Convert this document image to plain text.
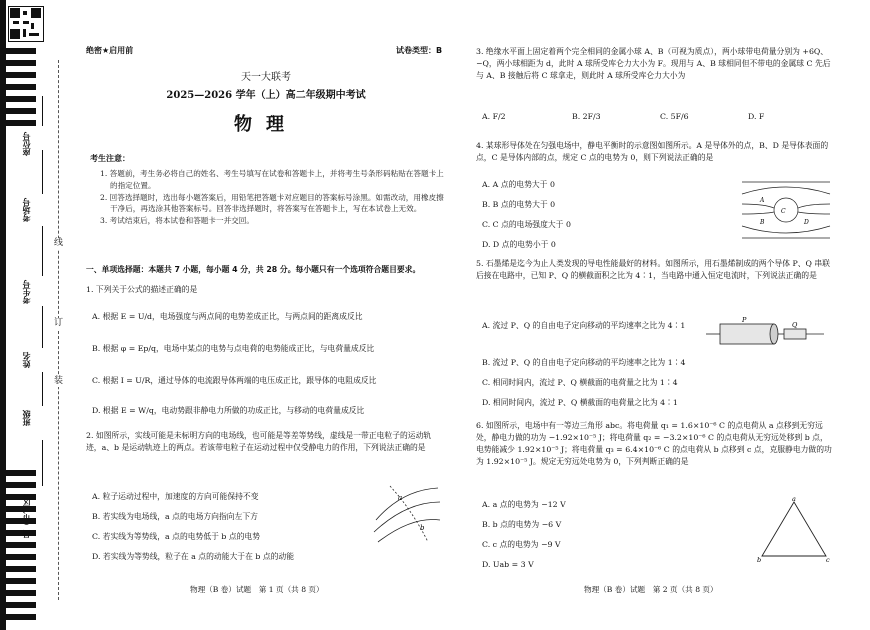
座位号
考场号
考生号
姓名
班级
县（市、区）
线
订
装
绝密★启用前	试卷类型：B
天一大联考
2025—2026 学年（上）高二年级期中考试
物理
考生注意：
1. 答题前，考生务必将自己的姓名、考生号填写在试卷和答题卡上，并将考生号条形码粘贴在答题卡上的指定位置。
2. 回答选择题时，选出每小题答案后，用铅笔把答题卡对应题目的答案标号涂黑。如需改动，用橡皮擦干净后，再选涂其他答案标号。回答非选择题时，将答案写在答题卡上，写在本试卷上无效。
3. 考试结束后，将本试卷和答题卡一并交回。
一、单项选择题：本题共 7 小题，每小题 4 分，共 28 分。每小题只有一个选项符合题目要求。
1. 下列关于公式的描述正确的是
A. 根据 E = U/d，电场强度与两点间的电势差成正比，与两点间的距离成反比
B. 根据 φ = Ep/q，电场中某点的电势与点电荷的电势能成正比，与电荷量成反比
C. 根据 I = U/R，通过导体的电流跟导体两端的电压成正比，跟导体的电阻成反比
D. 根据 E = W/q，电动势跟非静电力所做的功成正比，与移动的电荷量成反比
2. 如图所示，实线可能是未标明方向的电场线，也可能是等差等势线，虚线是一带正电粒子的运动轨迹，a、b 是运动轨迹上的两点。若该带电粒子在运动过程中仅受静电力的作用，下列说法正确的是
A. 粒子运动过程中，加速度的方向可能保持不变
B. 若实线为电场线，a 点的电场方向指向左下方
C. 若实线为等势线，a 点的电势低于 b 点的电势
D. 若实线为等势线，粒子在 a 点的动能大于在 b 点的动能
a
b
物理（B 卷）试题　第 1 页（共 8 页）
3. 绝缘水平面上固定着两个完全相同的金属小球 A、B（可视为质点），两小球带电荷量分别为 +6Q、−Q，两小球相距为 d，此时 A 球所受库仑力大小为 F。现用与 A、B 球相同但不带电的金属球 C 先后与 A、B 接触后将 C 球拿走，则此时 A 球所受库仑力大小为
A. F/2	B. 2F/3	C. 5F/6	D. F
4. 某球形导体处在匀强电场中，静电平衡时的示意图如图所示。A 是导体外的点，B、D 是导体表面的点，C 是导体内部的点，规定 C 点的电势为 0，则下列说法正确的是
A. A 点的电势大于 0
B. B 点的电势大于 0
C. C 点的电场强度大于 0
D. D 点的电势小于 0
A
B
C
D
5. 石墨烯是迄今为止人类发现的导电性能最好的材料。如图所示，用石墨烯制成的两个导体 P、Q 串联后接在电路中，已知 P、Q 的横截面积之比为 4∶1，当电路中通入恒定电流时，下列说法正确的是
A. 流过 P、Q 的自由电子定向移动的平均速率之比为 4∶1
B. 流过 P、Q 的自由电子定向移动的平均速率之比为 1∶4
C. 相同时间内，流过 P、Q 横截面的电荷量之比为 1∶4
D. 相同时间内，流过 P、Q 横截面的电荷量之比为 4∶1
P
Q
6. 如图所示，电场中有一等边三角形 abc。将电荷量 q₁ = 1.6×10⁻⁶ C 的点电荷从 a 点移到无穷远处，静电力做的功为 −1.92×10⁻⁵ J；将电荷量 q₂ = −3.2×10⁻⁶ C 的点电荷从无穷远处移到 b 点，电势能减少 1.92×10⁻⁵ J；将电荷量 q₃ = 6.4×10⁻⁶ C 的点电荷从 b 点移到 c 点，克服静电力做的功为 1.92×10⁻⁵ J。规定无穷远处电势为 0，下列判断正确的是
A. a 点的电势为 −12 V
B. b 点的电势为 −6 V
C. c 点的电势为 −9 V
D. Uab = 3 V
a
b	c
物理（B 卷）试题　第 2 页（共 8 页）
